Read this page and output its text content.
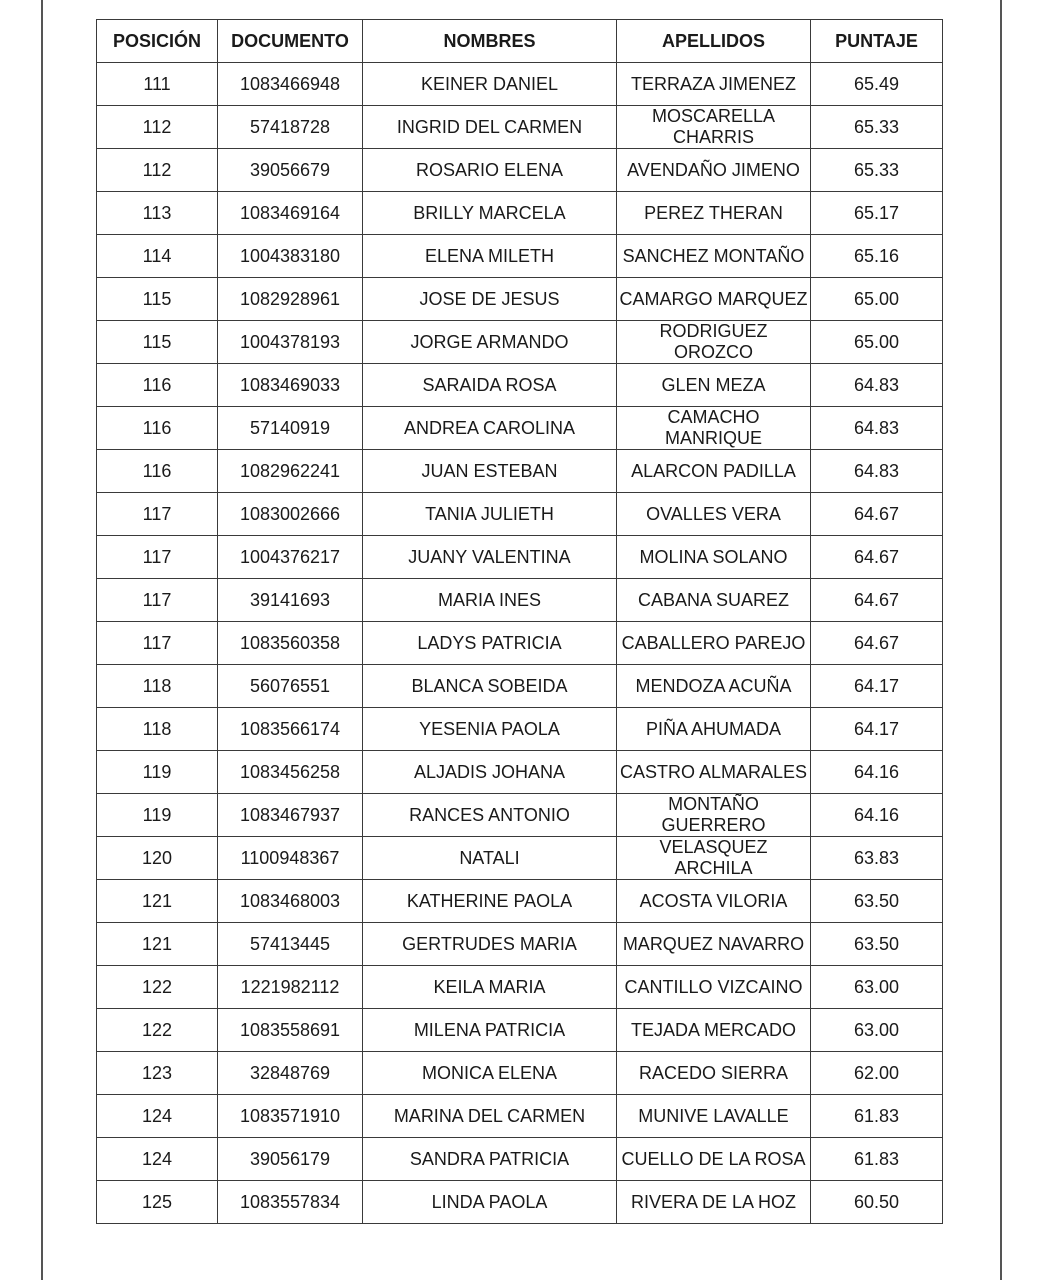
POSICIÓN	DOCUMENTO	NOMBRES	APELLIDOS	PUNTAJE
111	1083466948	KEINER DANIEL	TERRAZA JIMENEZ	65.49
112	57418728	INGRID DEL CARMEN	MOSCARELLA CHARRIS	65.33
112	39056679	ROSARIO ELENA	AVENDAÑO JIMENO	65.33
113	1083469164	BRILLY MARCELA	PEREZ THERAN	65.17
114	1004383180	ELENA MILETH	SANCHEZ MONTAÑO	65.16
115	1082928961	JOSE DE JESUS	CAMARGO MARQUEZ	65.00
115	1004378193	JORGE ARMANDO	RODRIGUEZ OROZCO	65.00
116	1083469033	SARAIDA ROSA	GLEN MEZA	64.83
116	57140919	ANDREA CAROLINA	CAMACHO MANRIQUE	64.83
116	1082962241	JUAN ESTEBAN	ALARCON PADILLA	64.83
117	1083002666	TANIA JULIETH	OVALLES VERA	64.67
117	1004376217	JUANY VALENTINA	MOLINA SOLANO	64.67
117	39141693	MARIA INES	CABANA SUAREZ	64.67
117	1083560358	LADYS PATRICIA	CABALLERO PAREJO	64.67
118	56076551	BLANCA SOBEIDA	MENDOZA ACUÑA	64.17
118	1083566174	YESENIA PAOLA	PIÑA AHUMADA	64.17
119	1083456258	ALJADIS JOHANA	CASTRO ALMARALES	64.16
119	1083467937	RANCES ANTONIO	MONTAÑO GUERRERO	64.16
120	1100948367	NATALI	VELASQUEZ ARCHILA	63.83
121	1083468003	KATHERINE PAOLA	ACOSTA VILORIA	63.50
121	57413445	GERTRUDES MARIA	MARQUEZ NAVARRO	63.50
122	1221982112	KEILA MARIA	CANTILLO VIZCAINO	63.00
122	1083558691	MILENA PATRICIA	TEJADA MERCADO	63.00
123	32848769	MONICA ELENA	RACEDO SIERRA	62.00
124	1083571910	MARINA DEL CARMEN	MUNIVE LAVALLE	61.83
124	39056179	SANDRA PATRICIA	CUELLO DE LA ROSA	61.83
125	1083557834	LINDA PAOLA	RIVERA DE LA HOZ	60.50
